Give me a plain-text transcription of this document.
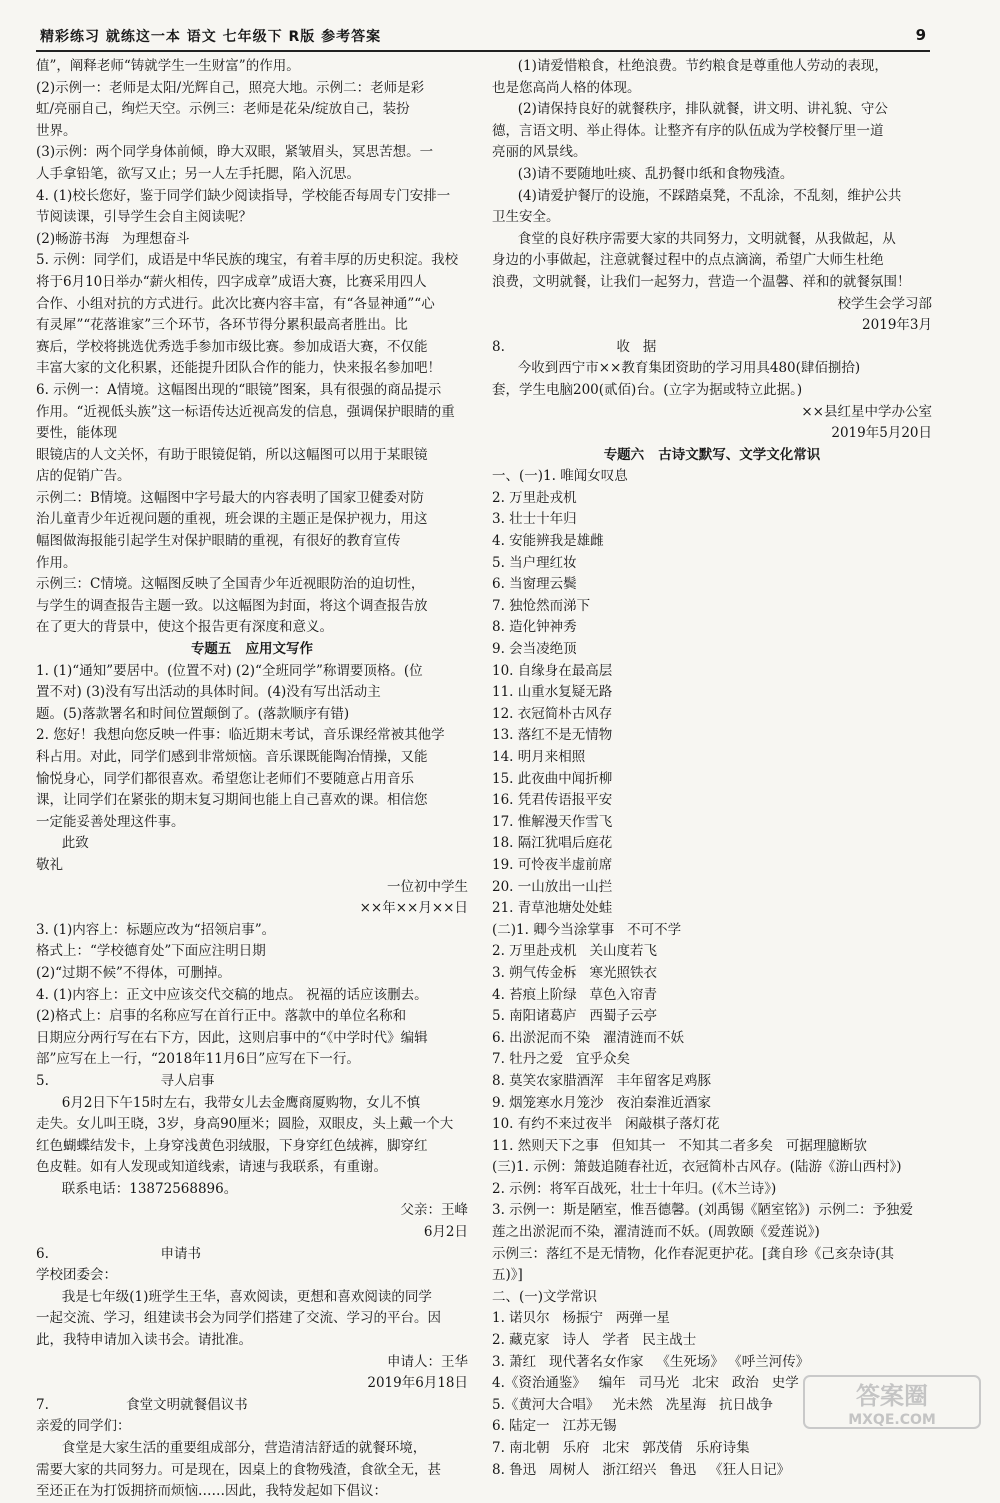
精彩练习 就练这一本 语文 七年级下 R版 参考答案	9

值”，阐释老师“铸就学生一生财富”的作用。

(2)示例一：老师是太阳/光辉自己，照亮大地。示例二：老师是彩

虹/亮丽自己，绚烂天空。示例三：老师是花朵/绽放自己，装扮

世界。

(3)示例：两个同学身体前倾，睁大双眼，紧皱眉头，冥思苦想。一

人手拿铅笔，欲写又止；另一人左手托腮，陷入沉思。

4. (1)校长您好，鉴于同学们缺少阅读指导，学校能否每周专门安排一

节阅读课，引导学生会自主阅读呢？

(2)畅游书海   为理想奋斗

5. 示例：同学们，成语是中华民族的瑰宝，有着丰厚的历史积淀。我校

将于6月10日举办“薪火相传，四字成章”成语大赛，比赛采用四人

合作、小组对抗的方式进行。此次比赛内容丰富，有“各显神通”“心

有灵犀”“花落谁家”三个环节，各环节得分累积最高者胜出。比

赛后，学校将挑选优秀选手参加市级比赛。参加成语大赛，不仅能

丰富大家的文化积累，还能提升团队合作的能力，快来报名参加吧！

6. 示例一：A情境。这幅图出现的“眼镜”图案，具有很强的商品提示

作用。“近视低头族”这一标语传达近视高发的信息，强调保护眼睛的重要性，能体现

眼镜店的人文关怀，有助于眼镜促销，所以这幅图可以用于某眼镜

店的促销广告。

示例二：B情境。这幅图中字号最大的内容表明了国家卫健委对防

治儿童青少年近视问题的重视，班会课的主题正是保护视力，用这

幅图做海报能引起学生对保护眼睛的重视，有很好的教育宣传

作用。

示例三：C情境。这幅图反映了全国青少年近视眼防治的迫切性，

与学生的调查报告主题一致。以这幅图为封面，将这个调查报告放

在了更大的背景中，使这个报告更有深度和意义。

专题五   应用文写作

1. (1)“通知”要居中。(位置不对) (2)“全班同学”称谓要顶格。(位

置不对) (3)没有写出活动的具体时间。(4)没有写出活动主

题。(5)落款署名和时间位置颠倒了。(落款顺序有错)

2. 您好！我想向您反映一件事：临近期末考试，音乐课经常被其他学

科占用。对此，同学们感到非常烦恼。音乐课既能陶冶情操，又能

愉悦身心，同学们都很喜欢。希望您让老师们不要随意占用音乐

课，让同学们在紧张的期末复习期间也能上自己喜欢的课。相信您

一定能妥善处理这件事。

此致

敬礼

一位初中学生

××年××月××日

3. (1)内容上：标题应改为“招领启事”。

格式上：“学校德育处”下面应注明日期

(2)“过期不候”不得体，可删掉。

4. (1)内容上：正文中应该交代交稿的地点。 祝福的话应该删去。

(2)格式上：启事的名称应写在首行正中。落款中的单位名称和

日期应分两行写在右下方，因此，这则启事中的“《中学时代》编辑

部”应写在上一行，“2018年11月6日”应写在下一行。

5.                          寻人启事

6月2日下午15时左右，我带女儿去金鹰商厦购物，女儿不慎

走失。女儿叫王晓，3岁，身高90厘米；圆脸，双眼皮，头上戴一个大

红色蝴蝶结发卡，上身穿浅黄色羽绒服，下身穿红色绒裤，脚穿红

色皮鞋。如有人发现或知道线索，请速与我联系，有重谢。

联系电话：13872568896。

父亲：王峰

6月2日

6.                          申请书

学校团委会：

我是七年级(1)班学生王华，喜欢阅读，更想和喜欢阅读的同学

一起交流、学习，组建读书会为同学们搭建了交流、学习的平台。因

此，我特申请加入读书会。请批准。

申请人：王华

2019年6月18日

7.                  食堂文明就餐倡议书

亲爱的同学们：

食堂是大家生活的重要组成部分，营造清洁舒适的就餐环境，

需要大家的共同努力。可是现在，因桌上的食物残渣，食欲全无，甚

至还正在为打饭拥挤而烦恼……因此，我特发起如下倡议：

(1)请爱惜粮食，杜绝浪费。节约粮食是尊重他人劳动的表现，

也是您高尚人格的体现。

(2)请保持良好的就餐秩序，排队就餐，讲文明、讲礼貌、守公

德，言语文明、举止得体。让整齐有序的队伍成为学校餐厅里一道

亮丽的风景线。

(3)请不要随地吐痰、乱扔餐巾纸和食物残渣。

(4)请爱护餐厅的设施，不踩踏桌凳，不乱涂，不乱刻，维护公共

卫生安全。

食堂的良好秩序需要大家的共同努力，文明就餐，从我做起，从

身边的小事做起，注意就餐过程中的点点滴滴，希望广大师生杜绝

浪费，文明就餐，让我们一起努力，营造一个温馨、祥和的就餐氛围！

校学生会学习部

2019年3月

8.                          收   据

今收到西宁市××教育集团资助的学习用具480(肆佰捌拾)

套，学生电脑200(贰佰)台。(立字为据或特立此据。)

××县红星中学办公室

2019年5月20日

专题六   古诗文默写、文学文化常识

一、(一)1. 唯闻女叹息

2. 万里赴戎机

3. 壮士十年归

4. 安能辨我是雄雌

5. 当户理红妆

6. 当窗理云鬓

7. 独怆然而涕下

8. 造化钟神秀

9. 会当凌绝顶

10. 自缘身在最高层

11. 山重水复疑无路

12. 衣冠简朴古风存

13. 落红不是无情物

14. 明月来相照

15. 此夜曲中闻折柳

16. 凭君传语报平安

17. 惟解漫天作雪飞

18. 隔江犹唱后庭花

19. 可怜夜半虚前席

20. 一山放出一山拦

21. 青草池塘处处蛙

(二)1. 卿今当涂掌事   不可不学

2. 万里赴戎机   关山度若飞

3. 朔气传金柝   寒光照铁衣

4. 苔痕上阶绿   草色入帘青

5. 南阳诸葛庐   西蜀子云亭

6. 出淤泥而不染   濯清涟而不妖

7. 牡丹之爱   宜乎众矣

8. 莫笑农家腊酒浑   丰年留客足鸡豚

9. 烟笼寒水月笼沙   夜泊秦淮近酒家

10. 有约不来过夜半   闲敲棋子落灯花

11. 然则天下之事   但知其一   不知其二者多矣   可据理臆断欤

(三)1. 示例：箫鼓追随春社近，衣冠简朴古风存。(陆游《游山西村》)

2. 示例：将军百战死，壮士十年归。(《木兰诗》)

3. 示例一：斯是陋室，惟吾德馨。(刘禹锡《陋室铭》)  示例二：予独爱

莲之出淤泥而不染，濯清涟而不妖。(周敦颐《爱莲说》)

示例三：落红不是无情物，化作春泥更护花。[龚自珍《己亥杂诗(其

五)》]

二、(一)文学常识

1. 诺贝尔   杨振宁   两弹一星

2. 藏克家   诗人   学者   民主战士

3. 萧红   现代著名女作家   《生死场》 《呼兰河传》

4.《资治通鉴》   编年   司马光   北宋   政治   史学

5.《黄河大合唱》   光未然   冼星海   抗日战争

6. 陆定一   江苏无锡

7. 南北朝   乐府   北宋   郭茂倩   乐府诗集

8. 鲁迅   周树人   浙江绍兴   鲁迅   《狂人日记》

答案圈
MXQE.COM
